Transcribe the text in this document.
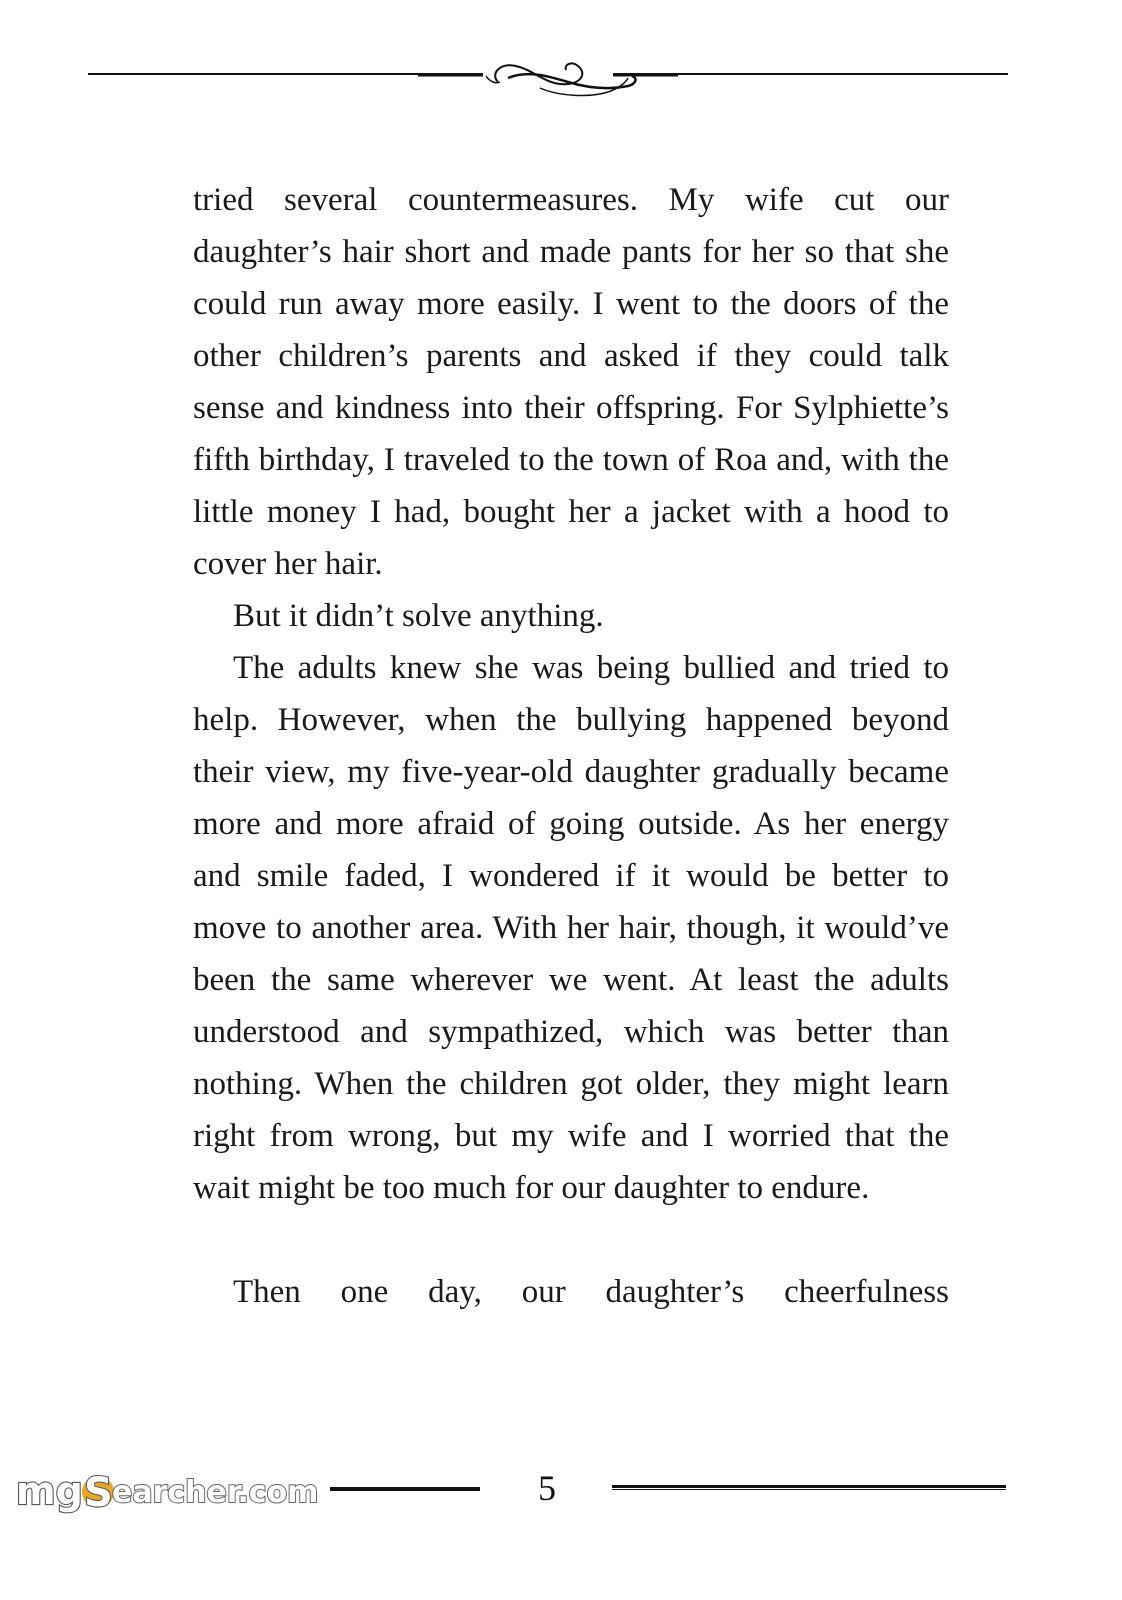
tried several countermeasures. My wife cut our daughter’s hair short and made pants for her so that she could run away more easily. I went to the doors of the other children’s parents and asked if they could talk sense and kindness into their offspring. For Sylphiette’s fifth birthday, I traveled to the town of Roa and, with the little money I had, bought her a jacket with a hood to cover her hair.

But it didn’t solve anything.

The adults knew she was being bullied and tried to help. However, when the bullying happened beyond their view, my five-year-old daughter gradually became more and more afraid of going outside. As her energy and smile faded, I wondered if it would be better to move to another area. With her hair, though, it would’ve been the same wherever we went. At least the adults understood and sympathized, which was better than nothing. When the children got older, they might learn right from wrong, but my wife and I worried that the wait might be too much for our daughter to endure.

Then one day, our daughter’s cheerfulness

mg S earcher.com	5
